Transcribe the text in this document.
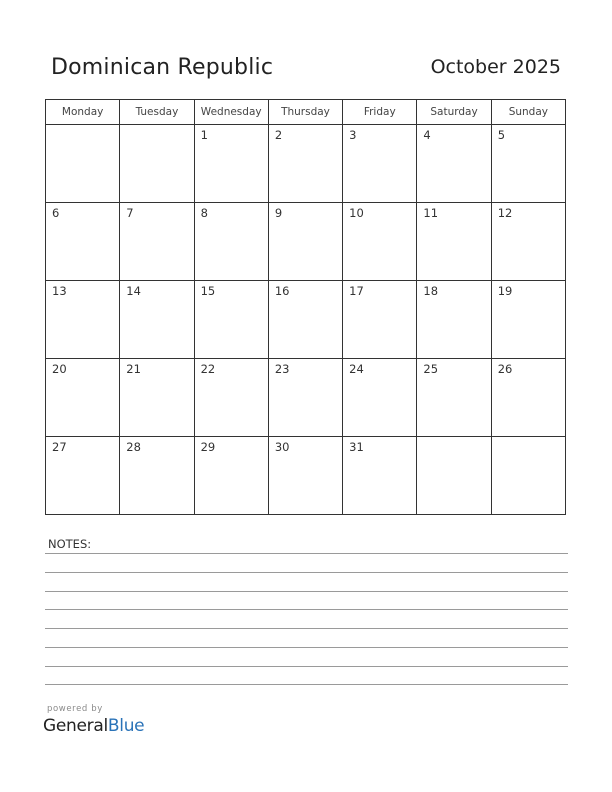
Dominican Republic	October 2025
Monday	Tuesday	Wednesday	Thursday	Friday	Saturday	Sunday

		1	2	3	4	5

6	7	8	9	10	11	12

13	14	15	16	17	18	19

20	21	22	23	24	25	26

27	28	29	30	31		

NOTES:
powered by
GeneralBlue
